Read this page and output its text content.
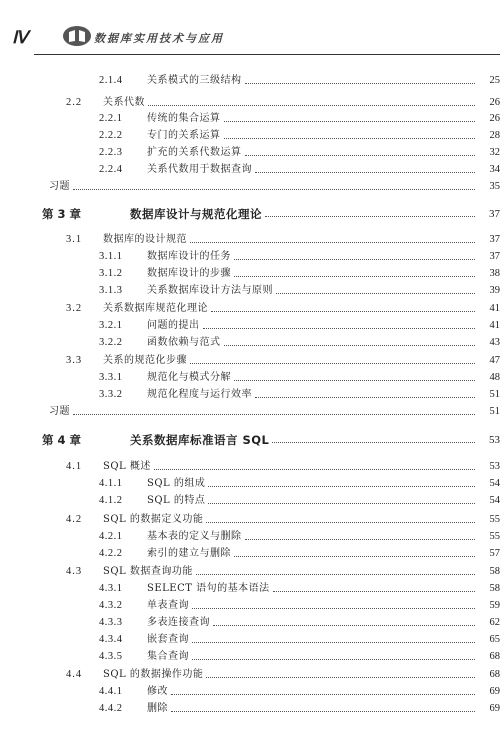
Ⅳ	数据库实用技术与应用
2.1.4	关系模式的三级结构	25
2.2	关系代数	26
2.2.1	传统的集合运算	26
2.2.2	专门的关系运算	28
2.2.3	扩充的关系代数运算	32
2.2.4	关系代数用于数据查询	34
习题	35
第 3 章	数据库设计与规范化理论	37
3.1	数据库的设计规范	37
3.1.1	数据库设计的任务	37
3.1.2	数据库设计的步骤	38
3.1.3	关系数据库设计方法与原则	39
3.2	关系数据库规范化理论	41
3.2.1	问题的提出	41
3.2.2	函数依赖与范式	43
3.3	关系的规范化步骤	47
3.3.1	规范化与模式分解	48
3.3.2	规范化程度与运行效率	51
习题	51
第 4 章	关系数据库标准语言 SQL	53
4.1	SQL 概述	53
4.1.1	SQL 的组成	54
4.1.2	SQL 的特点	54
4.2	SQL 的数据定义功能	55
4.2.1	基本表的定义与删除	55
4.2.2	索引的建立与删除	57
4.3	SQL 数据查询功能	58
4.3.1	SELECT 语句的基本语法	58
4.3.2	单表查询	59
4.3.3	多表连接查询	62
4.3.4	嵌套查询	65
4.3.5	集合查询	68
4.4	SQL 的数据操作功能	68
4.4.1	修改	69
4.4.2	删除	69
